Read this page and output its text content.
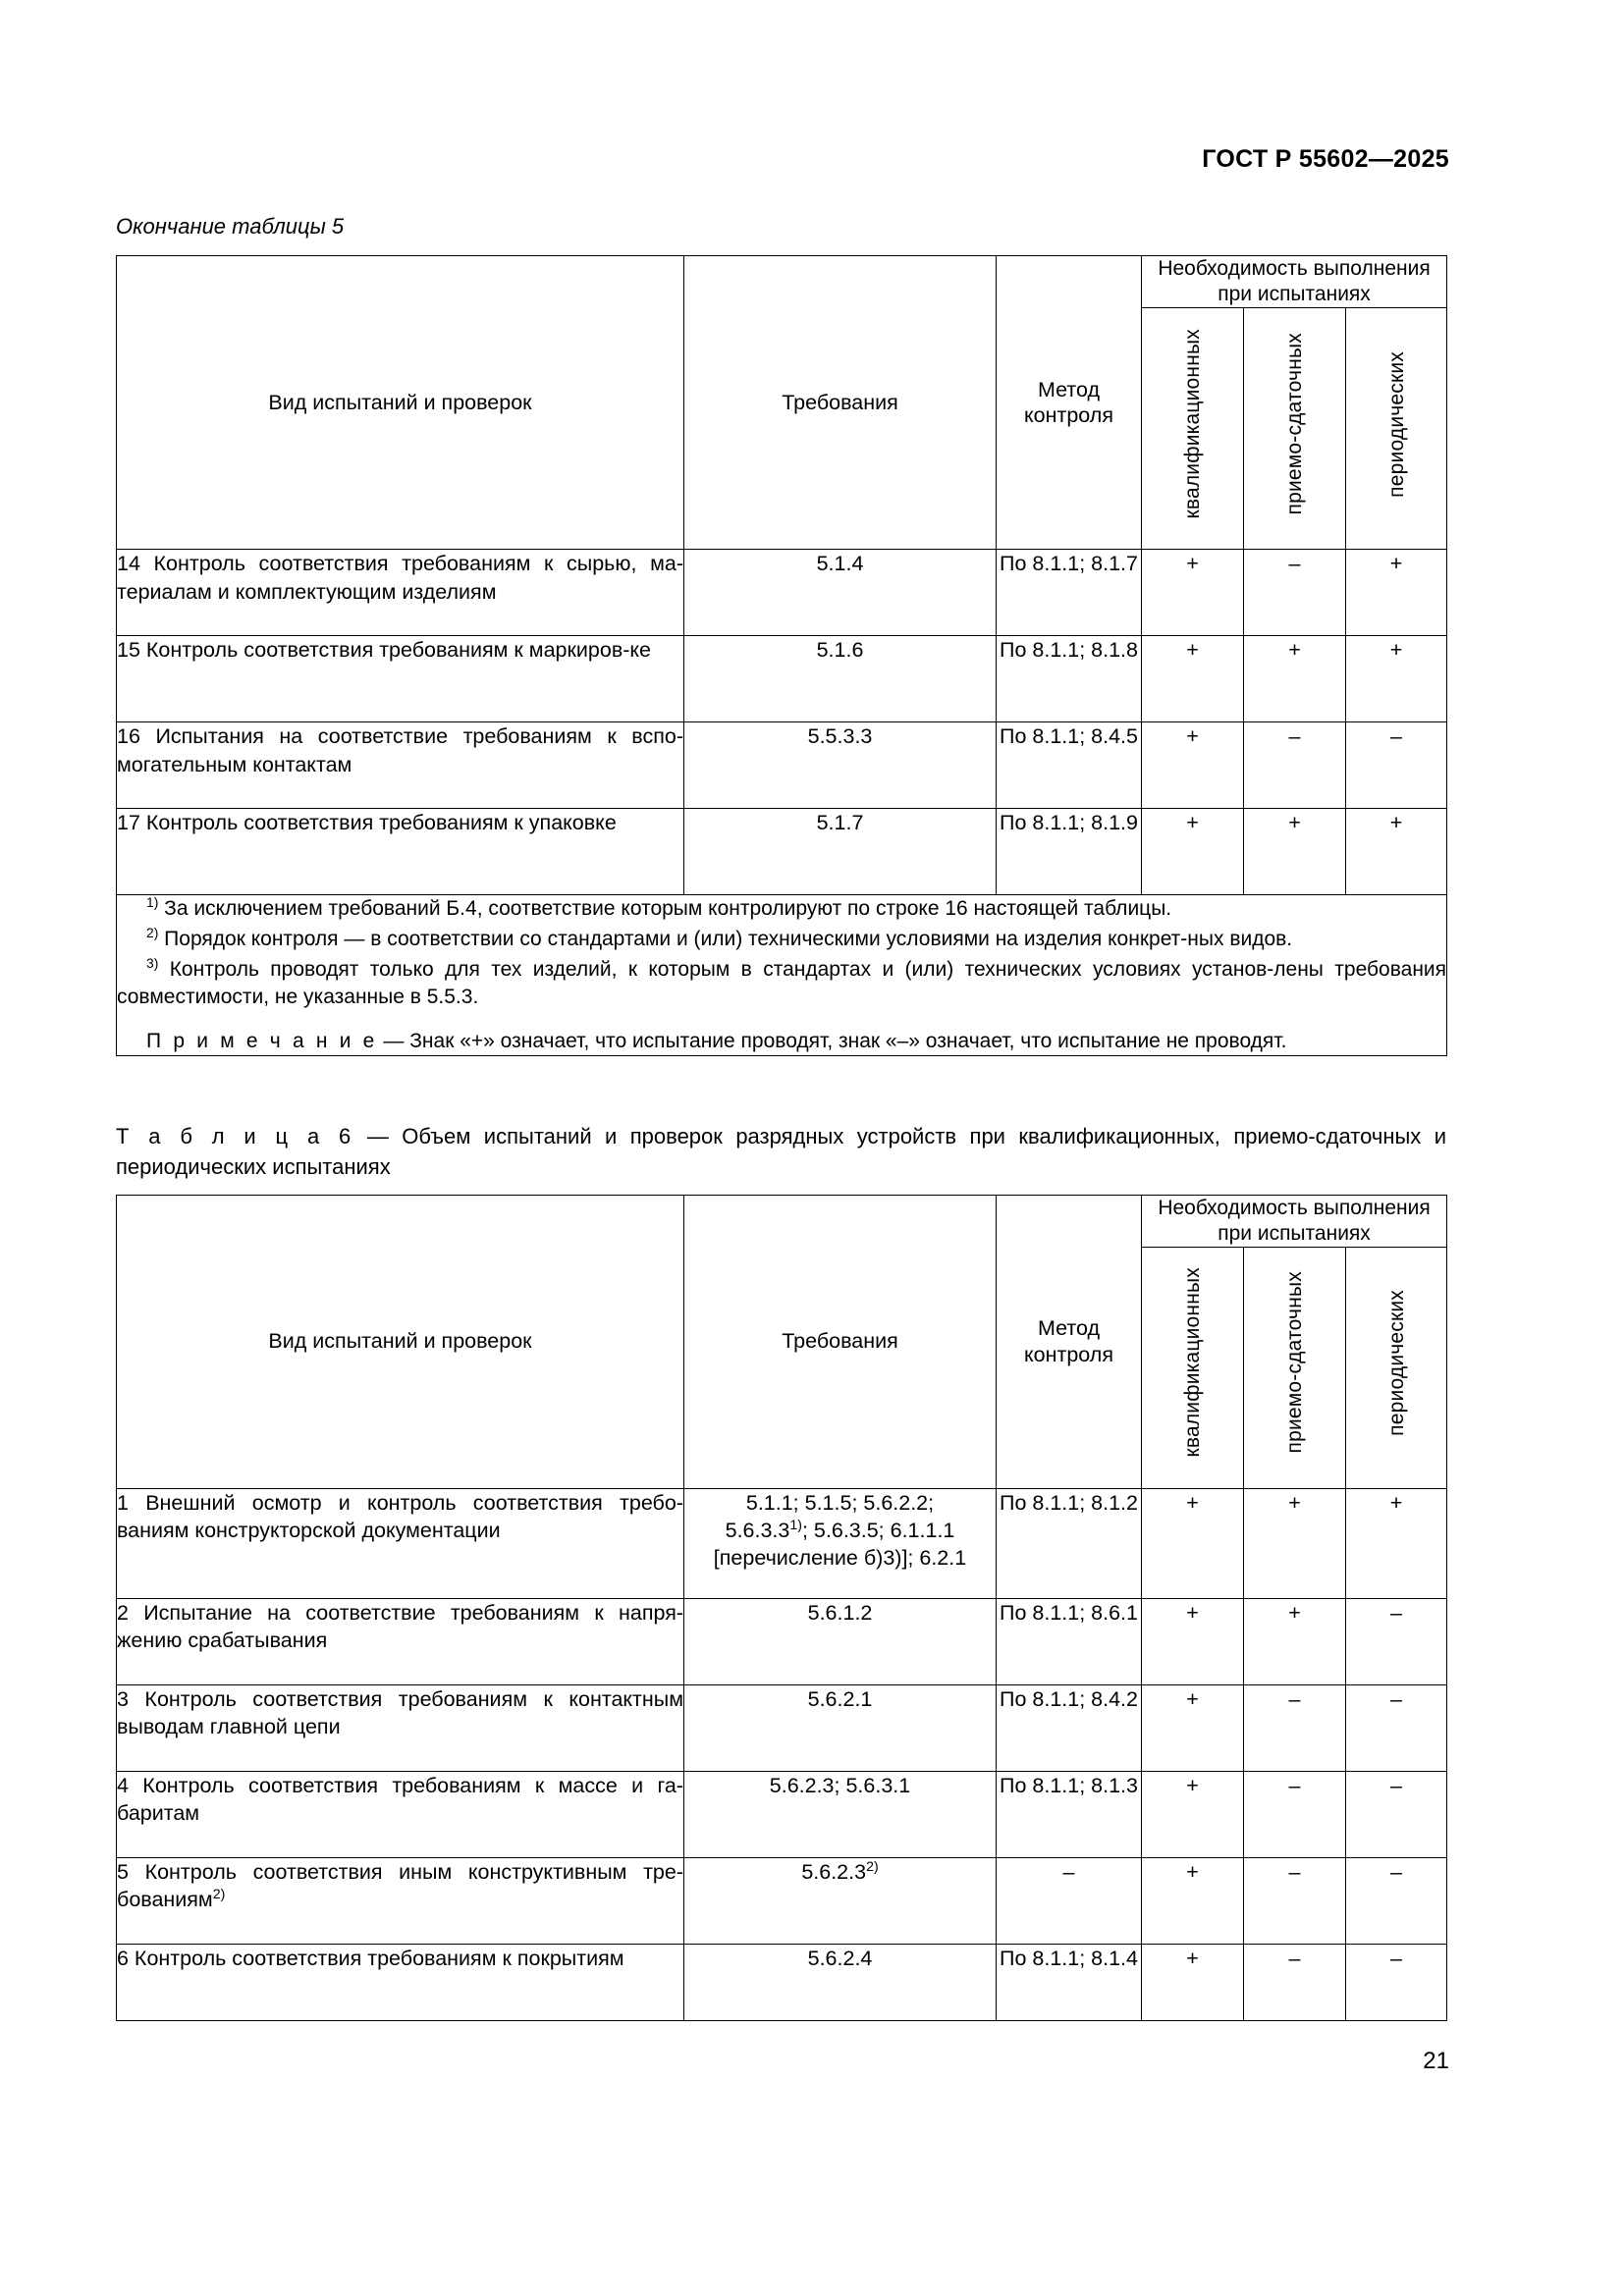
ГОСТ Р 55602—2025
Окончание таблицы 5
Вид испытаний и проверок	Требования	Метод контроля	Необходимость выполнения при испытаниях		

			квалификационных	приемо-сдаточных	периодических

14 Контроль соответствия требованиям к сырью, ма-териалам и комплектующим изделиям	5.1.4	По 8.1.1; 8.1.7	+	–	+
15 Контроль соответствия требованиям к маркиров-ке	5.1.6	По 8.1.1; 8.1.8	+	+	+
16 Испытания на соответствие требованиям к вспо-могательным контактам	5.5.3.3	По 8.1.1; 8.4.5	+	–	–
17 Контроль соответствия требованиям к упаковке	5.1.7	По 8.1.1; 8.1.9	+	+	+

$^{1)}$ За исключением требований Б.4, соответствие которым контролируют по строке 16 настоящей таблицы.

$^{2)}$ Порядок контроля — в соответствии со стандартами и (или) техническими условиями на изделия конкрет-ных видов.

$^{3)}$ Контроль проводят только для тех изделий, к которым в стандартах и (или) технических условиях установ-лены требования совместимости, не указанные в 5.5.3.

П р и м е ч а н и е — Знак «+» означает, что испытание проводят, знак «–» означает, что испытание не проводят.					

Т а б л и ц а 6 — Объем испытаний и проверок разрядных устройств при квалификационных, приемо-сдаточных и периодических испытаниях
Вид испытаний и проверок	Требования	Метод контроля	Необходимость выполнения при испытаниях		

			квалификационных	приемо-сдаточных	периодических

1 Внешний осмотр и контроль соответствия требо-ваниям конструкторской документации	5.1.1; 5.1.5; 5.6.2.2;
5.6.3.3$^{1)}$; 5.6.3.5; 6.1.1.1
[перечисление б)3)]; 6.2.1	По 8.1.1; 8.1.2	+	+	+
2 Испытание на соответствие требованиям к напря-жению срабатывания	5.6.1.2	По 8.1.1; 8.6.1	+	+	–
3 Контроль соответствия требованиям к контактным выводам главной цепи	5.6.2.1	По 8.1.1; 8.4.2	+	–	–
4 Контроль соответствия требованиям к массе и га-баритам	5.6.2.3; 5.6.3.1	По 8.1.1; 8.1.3	+	–	–
5 Контроль соответствия иным конструктивным тре-бованиям$^{2)}$	5.6.2.3$^{2)}$	–	+	–	–
6 Контроль соответствия требованиям к покрытиям	5.6.2.4	По 8.1.1; 8.1.4	+	–	–
21
